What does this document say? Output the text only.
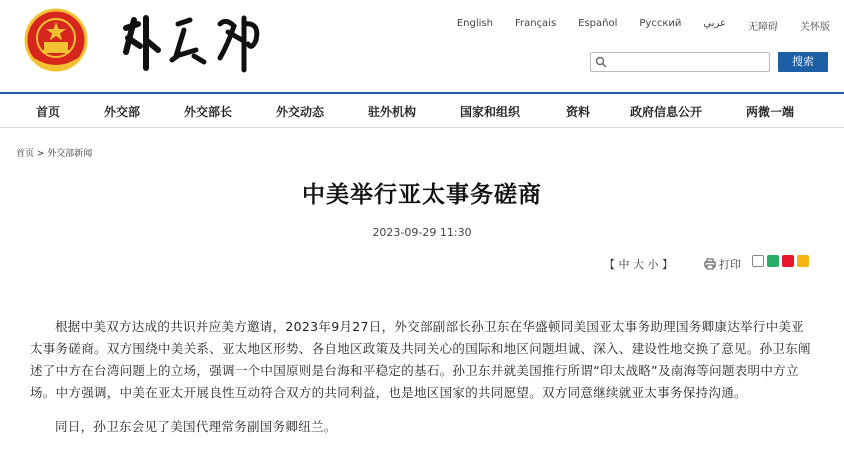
English Français Español Pусский عربي 无障碍 关怀版
搜索
首页	外交部	外交部长	外交动态	驻外机构	国家和组织	资料	政府信息公开	两微一端
首页 > 外交部新闻
中美举行亚太事务磋商
2023-09-29 11:30
【 中 大 小 】	打印
根据中美双方达成的共识并应美方邀请，2023年9月27日，外交部副部长孙卫东在华盛顿同美国亚太事务助理国务卿康达举行中美亚太事务磋商。双方围绕中美关系、亚太地区形势、各自地区政策及共同关心的国际和地区问题坦诚、深入、建设性地交换了意见。孙卫东阐述了中方在台湾问题上的立场，强调一个中国原则是台海和平稳定的基石。孙卫东并就美国推行所谓“印太战略”及南海等问题表明中方立场。中方强调，中美在亚太开展良性互动符合双方的共同利益，也是地区国家的共同愿望。双方同意继续就亚太事务保持沟通。
同日，孙卫东会见了美国代理常务副国务卿纽兰。
